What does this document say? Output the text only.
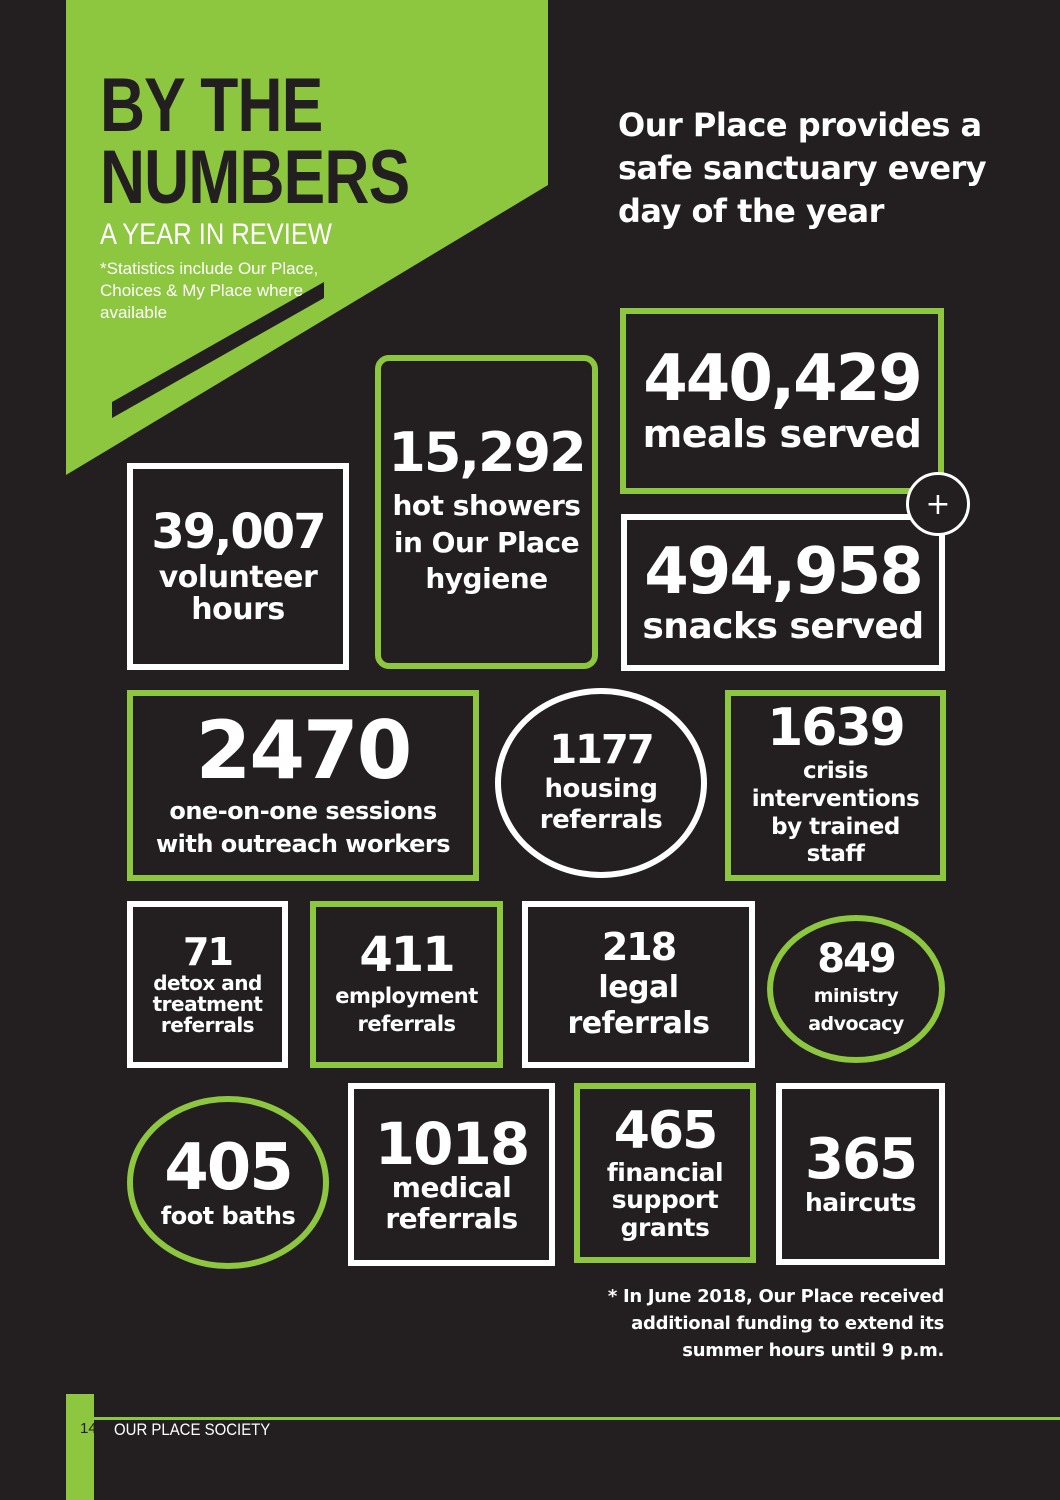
BY THE
NUMBERS
A YEAR IN REVIEW
*Statistics include Our Place, Choices & My Place where available
Our Place provides a safe sanctuary every day of the year
39,007
volunteer hours
15,292
hot showers in Our Place hygiene
440,429
meals served
494,958
snacks served
+
2470
one-on-one sessions with outreach workers
1177
housing referrals
1639
crisis interventions by trained staff
71
detox and treatment referrals
411
employment referrals
218
legal referrals
849
ministry advocacy
405
foot baths
1018
medical referrals
465
financial support grants
365
haircuts
* In June 2018, Our Place received additional funding to extend its summer hours until 9 p.m.
14 OUR PLACE SOCIETY
